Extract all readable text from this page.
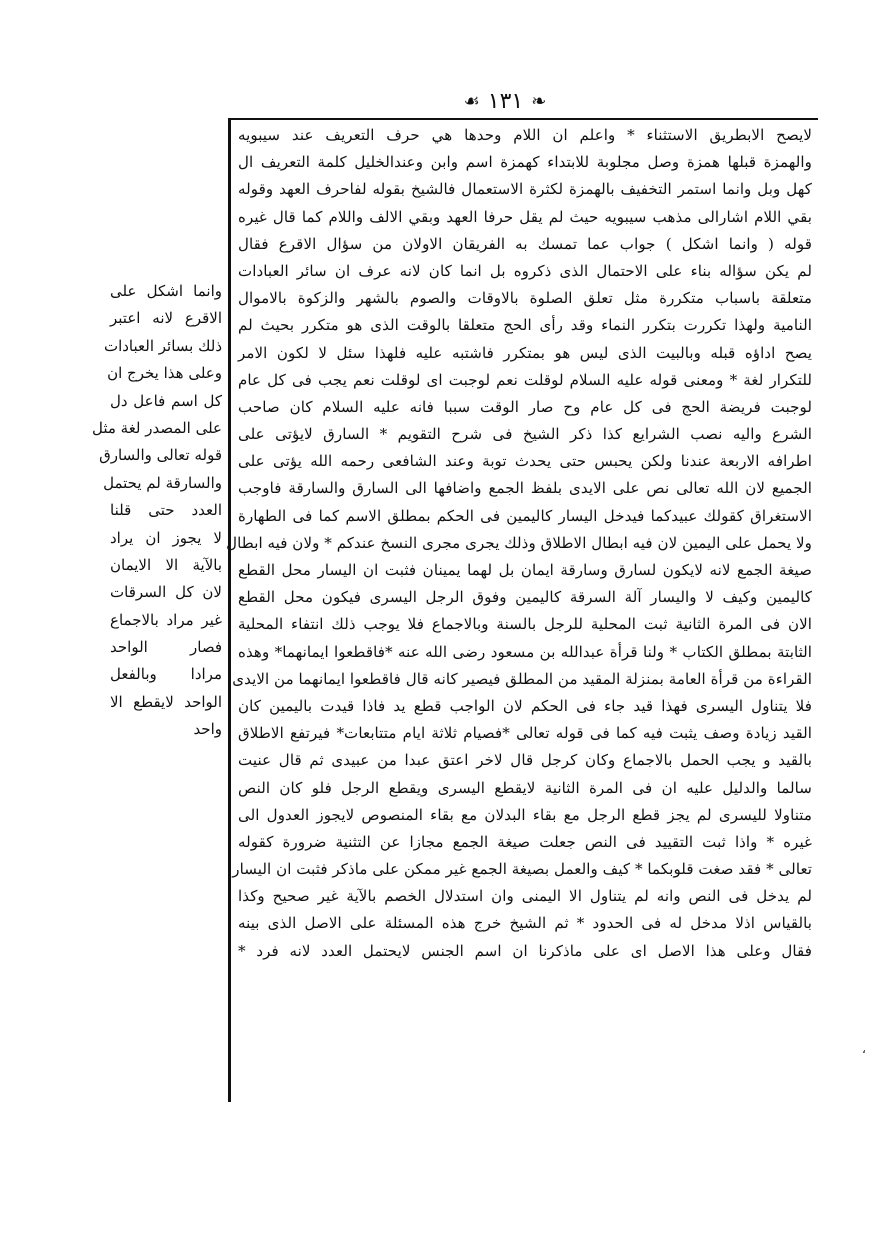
❧
١٣١
☙
لايصح الابطريق الاستثناء * واعلم ان اللام وحدها هي حرف التعريف عند سيبويه
والهمزة قبلها همزة وصل مجلوبة للابتداء كهمزة اسم وابن وعندالخليل كلمة التعريف ال
كهل وبل وانما استمر التخفيف بالهمزة لكثرة الاستعمال فالشيخ بقوله لفاحرف العهد وقوله
بقي اللام اشارالى مذهب سيبويه حيث لم يقل حرفا العهد وبقي الالف واللام كما قال غيره
قوله ( وانما اشكل ) جواب عما تمسك به الفريقان الاولان من سؤال الاقرع فقال
لم يكن سؤاله بناء على الاحتمال الذى ذكروه بل انما كان لانه عرف ان سائر العبادات
متعلقة باسباب متكررة مثل تعلق الصلوة بالاوقات والصوم بالشهر والزكوة بالاموال
النامية ولهذا تكررت بتكرر النماء وقد رأى الحج متعلقا بالوقت الذى هو متكرر بحيث لم
يصح اداؤه قبله وبالبيت الذى ليس هو بمتكرر فاشتبه عليه فلهذا سئل لا لكون الامر
للتكرار لغة * ومعنى قوله عليه السلام لوقلت نعم لوجبت اى لوقلت نعم يجب فى كل عام
لوجبت فريضة الحج فى كل عام وح صار الوقت سببا فانه عليه السلام كان صاحب
الشرع واليه نصب الشرايع كذا ذكر الشيخ فى شرح التقويم * السارق لايؤتى على
اطرافه الاربعة عندنا ولكن يحبس حتى يحدث توبة وعند الشافعى رحمه الله يؤتى على
الجميع لان الله تعالى نص على الايدى بلفظ الجمع واضافها الى السارق والسارقة فاوجب
الاستغراق كقولك عبيدكما فيدخل اليسار كاليمين فى الحكم بمطلق الاسم كما فى الطهارة
ولا يحمل على اليمين لان فيه ابطال الاطلاق وذلك يجرى مجرى النسخ عندكم * ولان فيه ابطال
صيغة الجمع لانه لايكون لسارق وسارقة ايمان بل لهما يمينان فثبت ان اليسار محل القطع
كاليمين وكيف لا واليسار آلة السرقة كاليمين وفوق الرجل اليسرى فيكون محل القطع
الان فى المرة الثانية ثبت المحلية للرجل بالسنة وبالاجماع فلا يوجب ذلك انتفاء المحلية
الثابتة بمطلق الكتاب * ولنا قرأة عبدالله بن مسعود رضى الله عنه *فاقطعوا ايمانهما* وهذه
القراءة من قرأة العامة بمنزلة المقيد من المطلق فيصير كانه قال فاقطعوا ايمانهما من الايدى
فلا يتناول اليسرى فهذا قيد جاء فى الحكم لان الواجب قطع يد فاذا قيدت باليمين كان
القيد زيادة وصف يثبت فيه كما فى قوله تعالى *فصيام ثلاثة ايام متتابعات* فيرتفع الاطلاق
بالقيد و يجب الحمل بالاجماع وكان كرجل قال لاخر اعتق عبدا من عبيدى ثم قال عنيت
سالما والدليل عليه ان فى المرة الثانية لايقطع اليسرى ويقطع الرجل فلو كان النص
متناولا لليسرى لم يجز قطع الرجل مع بقاء البدلان مع بقاء المنصوص لايجوز العدول الى
غيره * واذا ثبت التقييد فى النص جعلت صيغة الجمع مجازا عن التثنية ضرورة كقوله
تعالى * فقد صغت قلوبكما * كيف والعمل بصيغة الجمع غير ممكن على ماذكر فثبت ان اليسار
لم يدخل فى النص وانه لم يتناول الا اليمنى وان استدلال الخصم بالآية غير صحيح وكذا
بالقياس اذلا مدخل له فى الحدود * ثم الشيخ خرج هذه المسئلة على الاصل الذى بينه
فقال وعلى هذا الاصل اى على ماذكرنا ان اسم الجنس لايحتمل العدد لانه فرد *
وانما اشكل على
الاقرع لانه اعتبر
ذلك بسائر العبادات
وعلى هذا يخرج ان
كل اسم فاعل دل
على المصدر لغة مثل
قوله تعالى والسارق
والسارقة لم يحتمل
العدد حتى قلنا
لا يجوز ان يراد
بالآية الا الايمان
لان كل السرقات
غير مراد بالاجماع
فصار الواحد
مرادا وبالفعل
الواحد لايقطع الا
واحد
،
